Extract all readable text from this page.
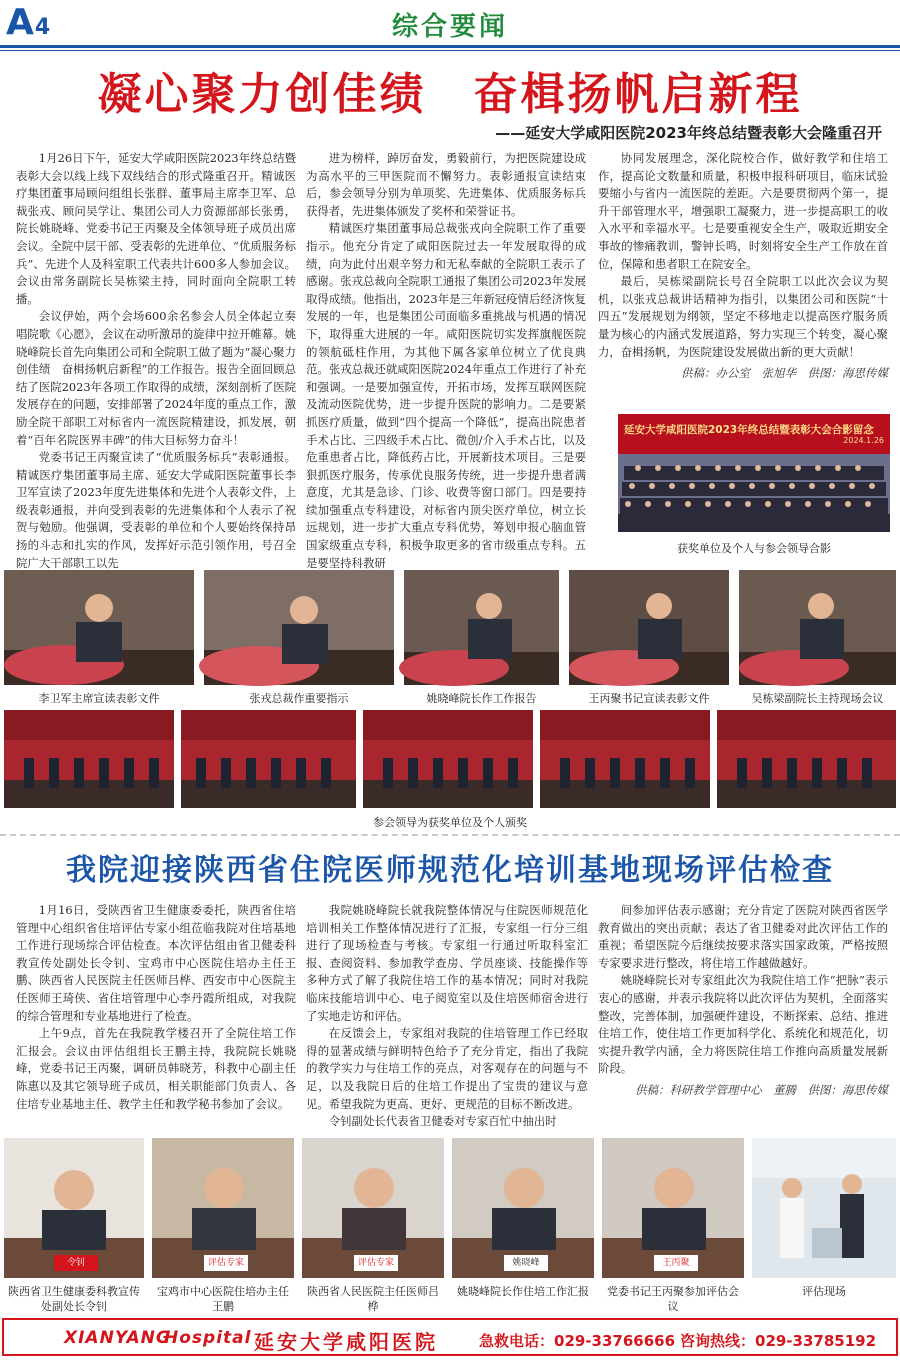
A4	综合要闻
凝心聚力创佳绩　奋楫扬帆启新程
——延安大学咸阳医院2023年终总结暨表彰大会隆重召开

1月26日下午，延安大学咸阳医院2023年终总结暨表彰大会以线上线下双线结合的形式隆重召开。精诚医疗集团董事局顾问组组长张群、董事局主席李卫军、总裁张戎、顾问吴学让、集团公司人力资源部部长张勇，院长姚晓峰、党委书记王丙聚及全体领导班子成员出席会议。全院中层干部、受表彰的先进单位、“优质服务标兵”、先进个人及科室职工代表共计600多人参加会议。会议由常务副院长吴栋梁主持，同时面向全院职工转播。

会议伊始，两个会场600余名参会人员全体起立奏唱院歌《心愿》，会议在动听激昂的旋律中拉开帷幕。姚晓峰院长首先向集团公司和全院职工做了题为“凝心聚力创佳绩　奋楫扬帆启新程”的工作报告。报告全面回顾总结了医院2023年各项工作取得的成绩，深刻剖析了医院发展存在的问题，安排部署了2024年度的重点工作，激励全院干部职工对标省内一流医院精建设，抓发展，朝着“百年名院医界丰碑”的伟大目标努力奋斗！

党委书记王丙聚宣读了“优质服务标兵”表彰通报。精诚医疗集团董事局主席、延安大学咸阳医院董事长李卫军宣读了2023年度先进集体和先进个人表彰文件，上级表彰通报，并向受到表彰的先进集体和个人表示了祝贺与勉励。他强调，受表彰的单位和个人要始终保持昂扬的斗志和扎实的作风，发挥好示范引领作用，号召全院广大干部职工以先

进为榜样，踔厉奋发，勇毅前行，为把医院建设成为高水平的三甲医院而不懈努力。表彰通报宣读结束后，参会领导分别为单项奖、先进集体、优质服务标兵获得者，先进集体颁发了奖杯和荣誉证书。

精诚医疗集团董事局总裁张戎向全院职工作了重要指示。他充分肯定了咸阳医院过去一年发展取得的成绩，向为此付出艰辛努力和无私奉献的全院职工表示了感谢。张戎总裁向全院职工通报了集团公司2023年发展取得成绩。他指出，2023年是三年新冠疫情后经济恢复发展的一年，也是集团公司面临多重挑战与机遇的情况下，取得重大进展的一年。咸阳医院切实发挥旗舰医院的领航砥柱作用，为其他下属各家单位树立了优良典范。张戎总裁还就咸阳医院2024年重点工作进行了补充和强调。一是要加强宣传，开拓市场，发挥互联网医院及流动医院优势，进一步提升医院的影响力。二是要紧抓医疗质量，做到“四个提高一个降低”，提高出院患者手术占比、三四级手术占比、微创/介入手术占比，以及危重患者占比，降低药占比，开展新技术项目。三是要狠抓医疗服务，传承优良服务传统，进一步提升患者满意度，尤其是急诊、门诊、收费等窗口部门。四是要持续加强重点专科建设，对标省内顶尖医疗单位，树立长远规划，进一步扩大重点专科优势，筹划申报心脑血管国家级重点专科，积极争取更多的省市级重点专科。五是要坚持科教研

协同发展理念，深化院校合作，做好教学和住培工作，提高论文数量和质量，积极申报科研项目，临床试验要缩小与省内一流医院的差距。六是要贯彻两个第一，提升干部管理水平，增强职工凝聚力，进一步提高职工的收入水平和幸福水平。七是要重视安全生产，吸取近期安全事故的惨痛教训，警钟长鸣，时刻将安全生产工作放在首位，保障和患者职工在院安全。

最后，吴栋梁副院长号召全院职工以此次会议为契机，以张戎总裁讲话精神为指引，以集团公司和医院“十四五”发展规划为纲领，坚定不移地走以提高医疗服务质量为核心的内涵式发展道路，努力实现三个转变，凝心聚力，奋楫扬帆，为医院建设发展做出新的更大贡献！

供稿：办公室　张旭华　供图：海思传媒
延安大学咸阳医院2023年终总结暨表彰大会合影留念
2024.1.26
获奖单位及个人与参会领导合影
李卫军主席宣读表彰文件	张戎总裁作重要指示	姚晓峰院长作工作报告	王丙聚书记宣读表彰文件	吴栋梁副院长主持现场会议
参会领导为获奖单位及个人颁奖
我院迎接陕西省住院医师规范化培训基地现场评估检查

1月16日，受陕西省卫生健康委委托，陕西省住培管理中心组织省住培评估专家小组莅临我院对住培基地工作进行现场综合评估检查。本次评估组由省卫健委科教宣传处副处长令钊、宝鸡市中心医院住培办主任王鹏、陕西省人民医院主任医师吕桦、西安市中心医院主任医师王琦侠、省住培管理中心李丹霞所组成，对我院的综合管理和专业基地进行了检查。

上午9点，首先在我院教学楼召开了全院住培工作汇报会。会议由评估组组长王鹏主持，我院院长姚晓峰，党委书记王丙聚，调研员韩晓芳，科教中心副主任陈惠以及其它领导班子成员，相关职能部门负责人、各住培专业基地主任、教学主任和教学秘书参加了会议。

我院姚晓峰院长就我院整体情况与住院医师规范化培训相关工作整体情况进行了汇报，专家组一行分三组进行了现场检查与考核。专家组一行通过听取科室汇报、查阅资料、参加教学查房、学员座谈、技能操作等多种方式了解了我院住培工作的基本情况；同时对我院临床技能培训中心、电子阅览室以及住培医师宿舍进行了实地走访和评估。

在反馈会上，专家组对我院的住培管理工作已经取得的显著成绩与鲜明特色给予了充分肯定，指出了我院的教学实力与住培工作的亮点，对客观存在的问题与不足，以及我院日后的住培工作提出了宝贵的建议与意见。希望我院为更高、更好、更规范的目标不断改进。

令钊副处长代表省卫健委对专家百忙中抽出时

间参加评估表示感谢；充分肯定了医院对陕西省医学教育做出的突出贡献；表达了省卫健委对此次评估工作的重视；希望医院今后继续按要求落实国家政策，严格按照专家要求进行整改，将住培工作越做越好。

姚晓峰院长对专家组此次为我院住培工作“把脉”表示衷心的感谢，并表示我院将以此次评估为契机，全面落实整改，完善体制，加强硬件建设，不断探索、总结、推进住培工作，使住培工作更加科学化、系统化和规范化，切实提升教学内涵，全力将医院住培工作推向高质量发展新阶段。

供稿：科研教学管理中心　董腾　供图：海思传媒
令钊	评估专家	评估专家	姚晓峰	王丙聚
陕西省卫生健康委科教宣传处副处长令钊
宝鸡市中心医院住培办主任王鹏
陕西省人民医院主任医师吕桦
姚晓峰院长作住培工作汇报	党委书记王丙聚参加评估会议
评估现场
XIANYANG
Hospital 延安大学咸阳医院	急救电话：029-33766666 咨询热线：029-33785192
